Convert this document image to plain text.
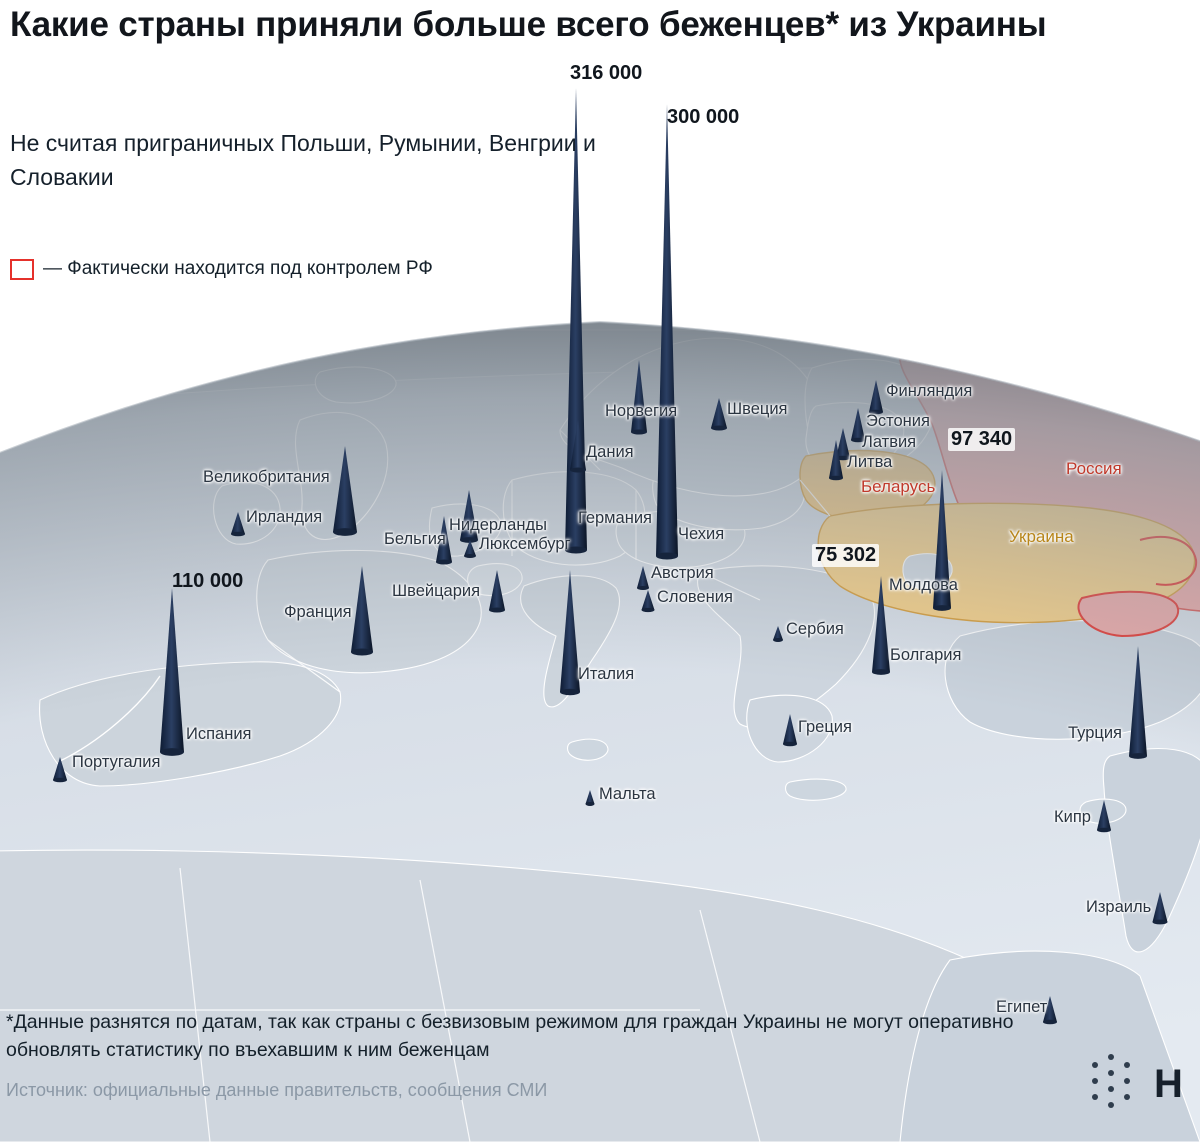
Какие страны приняли больше всего беженцев* из Украины
Не считая приграничных Польши, Румынии, Венгрии и Словакии
— Фактически находится под контролем РФ
*Данные разнятся по датам, так как страны с безвизовым режимом для граждан Украины не могут оперативно обновлять статистику по въехавшим к ним беженцам
Источник: официальные данные правительств, сообщения СМИ
Великобритания
Ирландия
Португалия
Испания
Франция
Бельгия
Нидерланды
Люксембург
Швейцария
Германия
Дания
Норвегия	Швеция
Финляндия
Эстония
Латвия
Литва
Чехия
Австрия
Словения
Италия
Сербия
Молдова
Болгария
Греция
Мальта
Турция
Кипр
Израиль
Египет
Россия
Беларусь
Украина
316 000
300 000
97 340
110 000
75 302
Н
